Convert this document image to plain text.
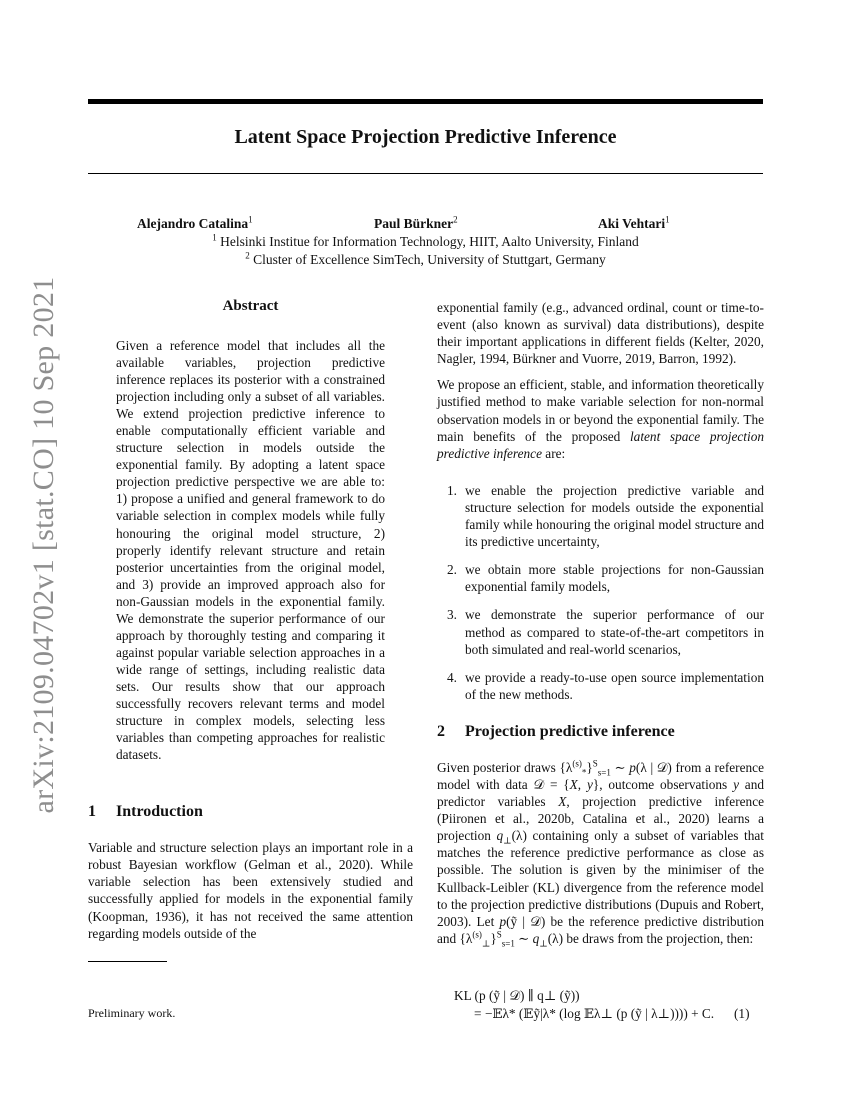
arXiv:2109.04702v1 [stat.CO] 10 Sep 2021
Latent Space Projection Predictive Inference
Alejandro Catalina$^1$	Paul Bürkner$^2$	Aki Vehtari$^1$
$^1$ Helsinki Institue for Information Technology, HIIT, Aalto University, Finland
$^2$ Cluster of Excellence SimTech, University of Stuttgart, Germany
Abstract

Given a reference model that includes all the available variables, projection predictive inference replaces its posterior with a constrained projection including only a subset of all variables. We extend projection predictive inference to enable computationally efficient variable and structure selection in models outside the exponential family. By adopting a latent space projection predictive perspective we are able to: 1) propose a unified and general framework to do variable selection in complex models while fully honouring the original model structure, 2) properly identify relevant structure and retain posterior uncertainties from the original model, and 3) provide an improved approach also for non-Gaussian models in the exponential family. We demonstrate the superior performance of our approach by thoroughly testing and comparing it against popular variable selection approaches in a wide range of settings, including realistic data sets. Our results show that our approach successfully recovers relevant terms and model structure in complex models, selecting less variables than competing approaches for realistic datasets.

1 Introduction

Variable and structure selection plays an important role in a robust Bayesian workflow (Gelman et al., 2020). While variable selection has been extensively studied and successfully applied for models in the exponential family (Koopman, 1936), it has not received the same attention regarding models outside of the

exponential family (e.g., advanced ordinal, count or time-to-event (also known as survival) data distributions), despite their important applications in different fields (Kelter, 2020, Nagler, 1994, Bürkner and Vuorre, 2019, Barron, 1992).

We propose an efficient, stable, and information theoretically justified method to make variable selection for non-normal observation models in or beyond the exponential family. The main benefits of the proposed latent space projection predictive inference are:

1. we enable the projection predictive variable and structure selection for models outside the exponential family while honouring the original model structure and its predictive uncertainty,
2. we obtain more stable projections for non-Gaussian exponential family models,
3. we demonstrate the superior performance of our method as compared to state-of-the-art competitors in both simulated and real-world scenarios,
4. we provide a ready-to-use open source implementation of the new methods.
2 Projection predictive inference

Given posterior draws $\{\lambda^{(s)}_*\}^S_{s=1}$ ∼ p(λ | 𝒟) from a reference model with data 𝒟 = {X, y}, outcome observations y and predictor variables X, projection predictive inference (Piironen et al., 2020b, Catalina et al., 2020) learns a projection $q_\perp(\lambda)$ containing only a subset of variables that matches the reference predictive performance as close as possible. The solution is given by the minimiser of the Kullback-Leibler (KL) divergence from the reference model to the projection predictive distributions (Dupuis and Robert, 2003). Let p(ỹ | 𝒟) be the reference predictive distribution and $\{\lambda^{(s)}_\perp\}^S_{s=1}$ ∼ $q_\perp(\lambda)$ be draws from the projection, then:

KL (p (ỹ | 𝒟) ∥ q⊥ (ỹ))
= −𝔼λ* (𝔼ỹ|λ* (log 𝔼λ⊥ (p (ỹ | λ⊥)))) + C. (1)
Preliminary work.
